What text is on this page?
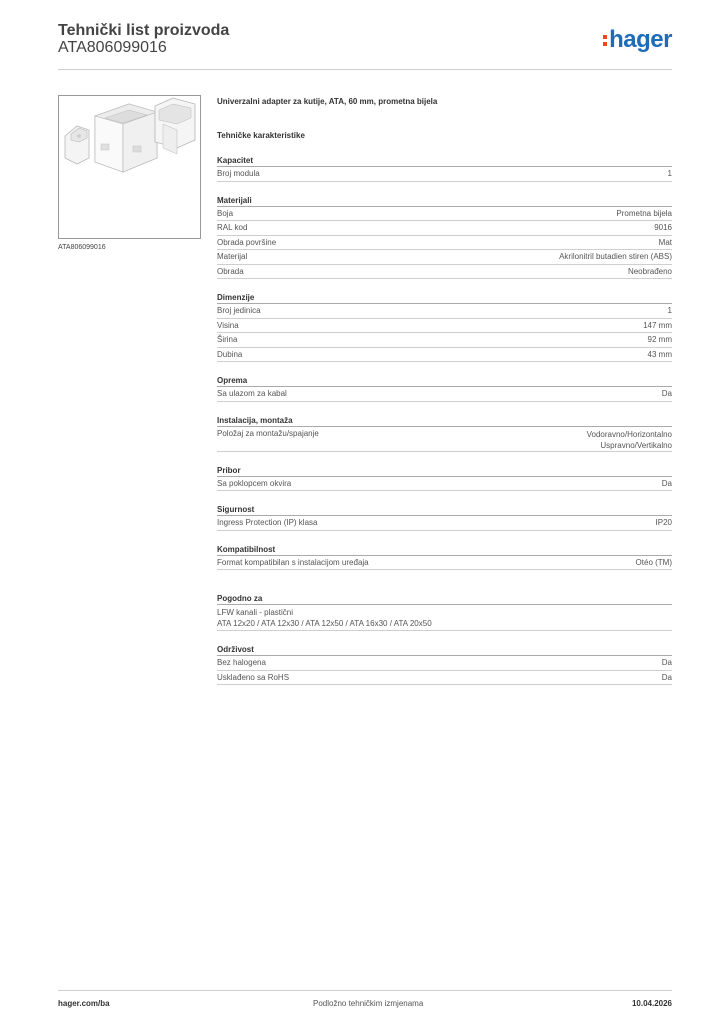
Tehnički list proizvoda
ATA806099016	hager
ATA806099016
Univerzalni adapter za kutije, ATA, 60 mm, prometna bijela
Tehničke karakteristike
Kapacitet
Broj modula	1
Materijali
Boja	Prometna bijela
RAL kod	9016
Obrada površine	Mat
Materijal	Akrilonitril butadien stiren (ABS)
Obrada	Neobrađeno
Dimenzije
Broj jedinica	1
Visina	147 mm
Širina	92 mm
Dubina	43 mm
Oprema
Sa ulazom za kabal	Da
Instalacija, montaža
Položaj za montažu/spajanje	Vodoravno/Horizontalno
Uspravno/Vertikalno
Pribor
Sa poklopcem okvira	Da
Sigurnost
Ingress Protection (IP) klasa	IP20
Kompatibilnost
Format kompatibilan s instalacijom uređaja	Otéo (TM)
Pogodno za
LFW kanali - plastični
ATA 12x20 / ATA 12x30 / ATA 12x50 / ATA 16x30 / ATA 20x50
Održivost
Bez halogena	Da
Usklađeno sa RoHS	Da
hager.com/ba	Podložno tehničkim izmjenama	10.04.2026
